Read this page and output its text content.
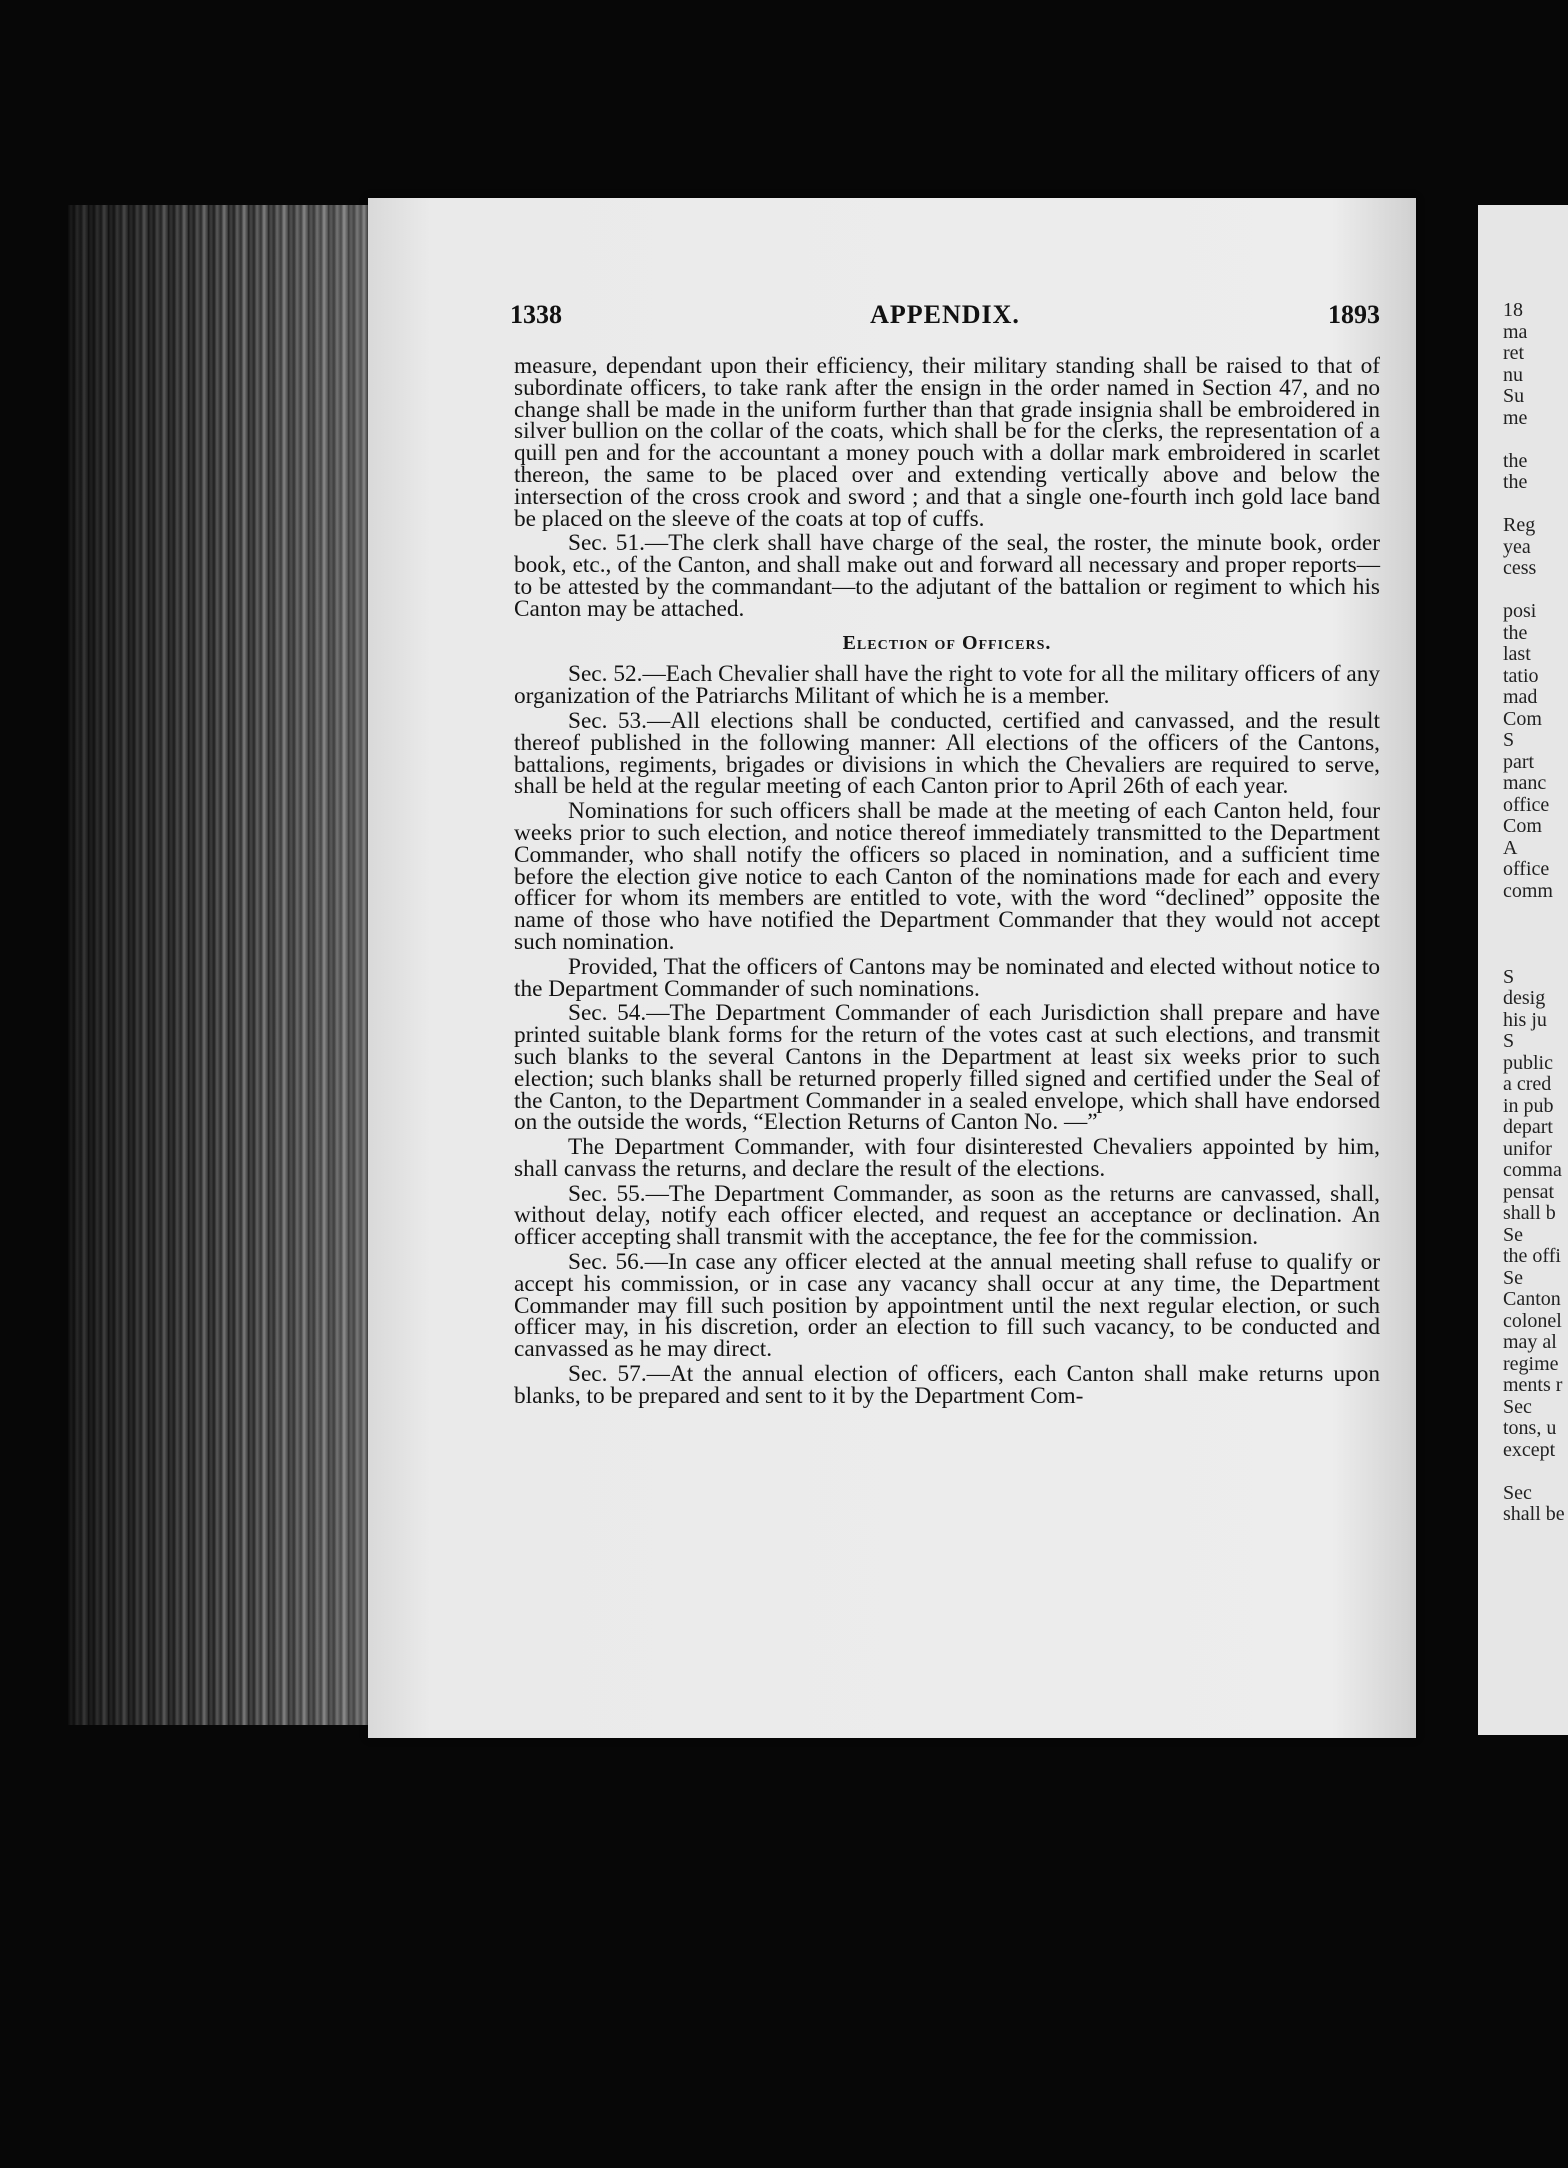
1338	APPENDIX.	1893

measure, dependant upon their efficiency, their military standing shall be raised to that of subordinate officers, to take rank after the ensign in the order named in Section 47, and no change shall be made in the uniform further than that grade insignia shall be embroidered in silver bullion on the collar of the coats, which shall be for the clerks, the representation of a quill pen and for the accountant a money pouch with a dollar mark embroidered in scarlet thereon, the same to be placed over and extending vertically above and below the intersection of the cross crook and sword ; and that a single one-fourth inch gold lace band be placed on the sleeve of the coats at top of cuffs.

Sec. 51.—The clerk shall have charge of the seal, the roster, the minute book, order book, etc., of the Canton, and shall make out and forward all necessary and proper reports—to be attested by the commandant—to the adjutant of the battalion or regiment to which his Canton may be attached.

Election of Officers.

Sec. 52.—Each Chevalier shall have the right to vote for all the military officers of any organization of the Patriarchs Militant of which he is a member.

Sec. 53.—All elections shall be conducted, certified and canvassed, and the result thereof published in the following manner: All elections of the officers of the Cantons, battalions, regiments, brigades or divisions in which the Chevaliers are required to serve, shall be held at the regular meeting of each Canton prior to April 26th of each year.

Nominations for such officers shall be made at the meeting of each Canton held, four weeks prior to such election, and notice thereof immediately transmitted to the Department Commander, who shall notify the officers so placed in nomination, and a sufficient time before the election give notice to each Canton of the nominations made for each and every officer for whom its members are entitled to vote, with the word “declined” opposite the name of those who have notified the Department Commander that they would not accept such nomination.

Provided, That the officers of Cantons may be nominated and elected without notice to the Department Commander of such nominations.

Sec. 54.—The Department Commander of each Jurisdiction shall prepare and have printed suitable blank forms for the return of the votes cast at such elections, and transmit such blanks to the several Cantons in the Department at least six weeks prior to such election; such blanks shall be returned properly filled signed and certified under the Seal of the Canton, to the Department Commander in a sealed envelope, which shall have endorsed on the outside the words, “Election Returns of Canton No. —”

The Department Commander, with four disinterested Chevaliers appointed by him, shall canvass the returns, and declare the result of the elections.

Sec. 55.—The Department Commander, as soon as the returns are canvassed, shall, without delay, notify each officer elected, and request an acceptance or declination. An officer accepting shall transmit with the acceptance, the fee for the commission.

Sec. 56.—In case any officer elected at the annual meeting shall refuse to qualify or accept his commission, or in case any vacancy shall occur at any time, the Department Commander may fill such position by appointment until the next regular election, or such officer may, in his discretion, order an election to fill such vacancy, to be conducted and canvassed as he may direct.

Sec. 57.—At the annual election of officers, each Canton shall make returns upon blanks, to be prepared and sent to it by the Department Com-

18
ma
ret
nu
Su
me
the
the
Reg
yea
cess
posi
the
last
tatio
mad
Com
S
part
manc
office
Com
A
office
comm
S
desig
his ju
S
public
a cred
in pub
depart
unifor
comma
pensat
shall b
Se
the offi
Se
Canton
colonel
may al
regime
ments r
Sec
tons, u
except
Sec
shall be
